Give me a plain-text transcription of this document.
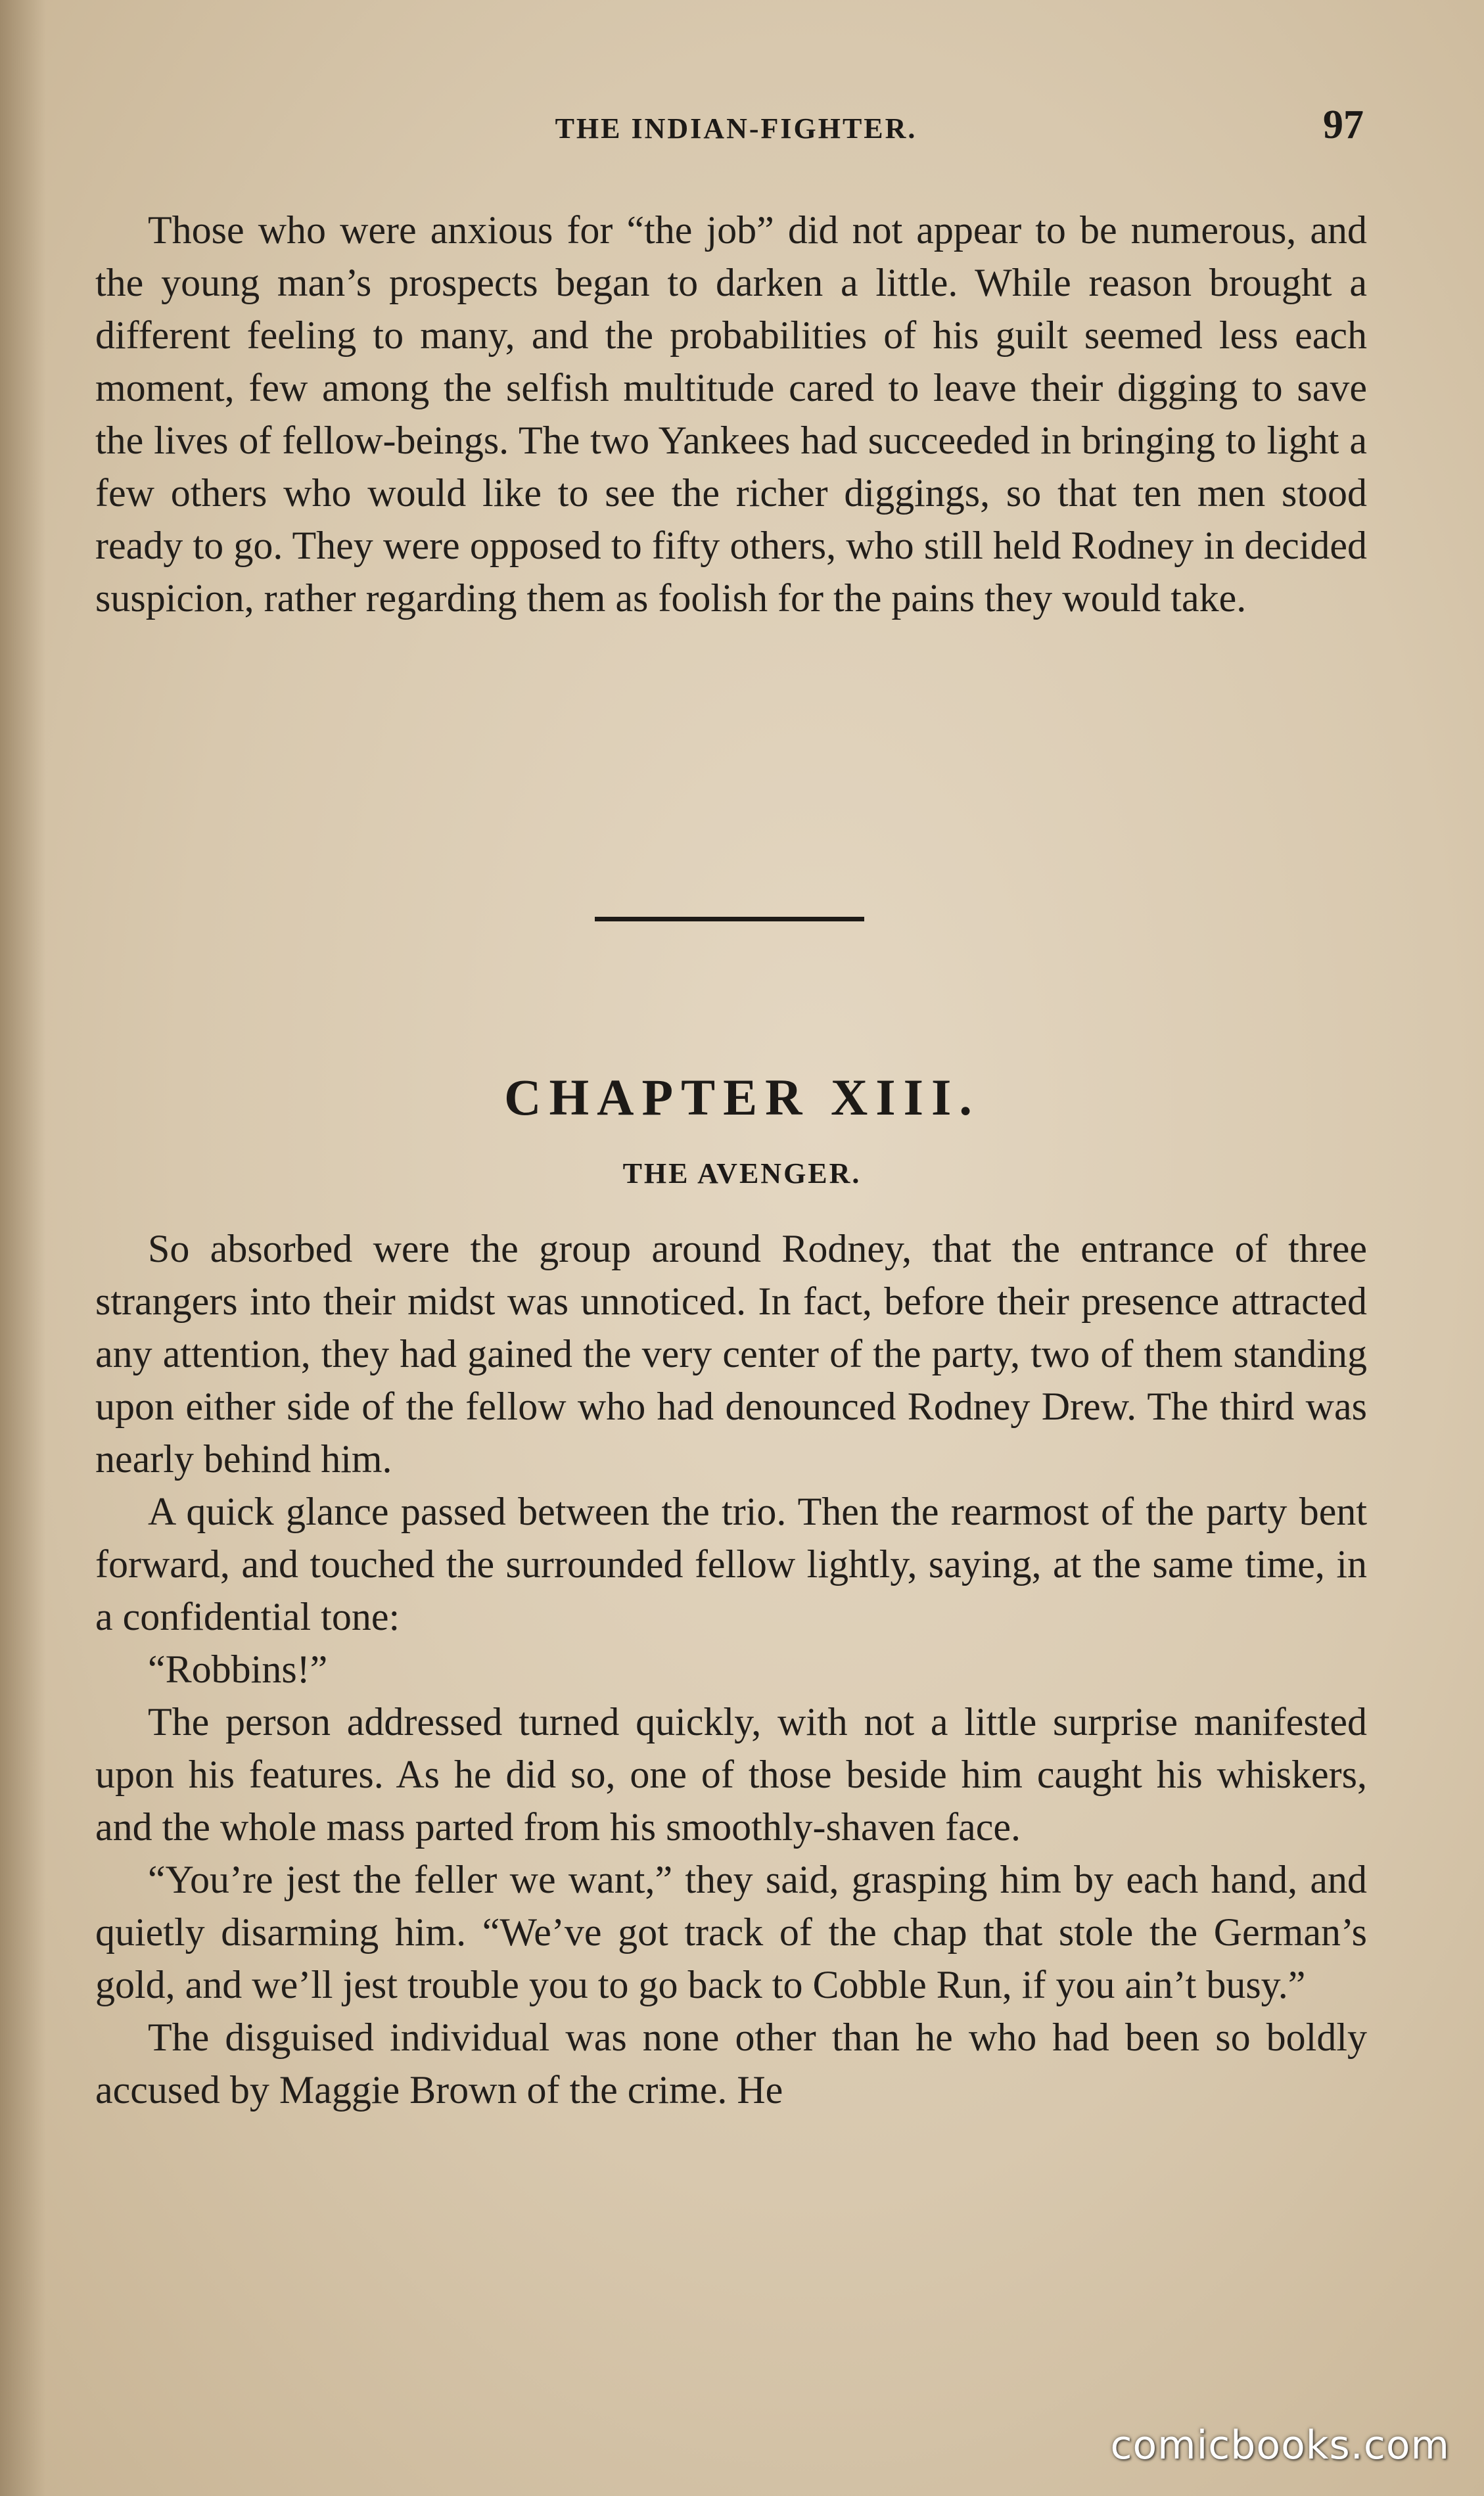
THE INDIAN-FIGHTER.	97

Those who were anxious for “the job” did not appear to be numerous, and the young man’s prospects began to darken a little. While reason brought a different feeling to many, and the probabilities of his guilt seemed less each moment, few among the selfish multitude cared to leave their digging to save the lives of fellow-beings. The two Yankees had succeeded in bringing to light a few others who would like to see the richer diggings, so that ten men stood ready to go. They were opposed to fifty others, who still held Rodney in decided suspicion, rather regarding them as foolish for the pains they would take.

CHAPTER XIII.
THE AVENGER.

So absorbed were the group around Rodney, that the entrance of three strangers into their midst was unnoticed. In fact, before their presence attracted any attention, they had gained the very center of the party, two of them standing upon either side of the fellow who had denounced Rodney Drew. The third was nearly behind him.

A quick glance passed between the trio. Then the rearmost of the party bent forward, and touched the surrounded fellow lightly, saying, at the same time, in a confidential tone:

“Robbins!”

The person addressed turned quickly, with not a little surprise manifested upon his features. As he did so, one of those beside him caught his whiskers, and the whole mass parted from his smoothly-shaven face.

“You’re jest the feller we want,” they said, grasping him by each hand, and quietly disarming him. “We’ve got track of the chap that stole the German’s gold, and we’ll jest trouble you to go back to Cobble Run, if you ain’t busy.”

The disguised individual was none other than he who had been so boldly accused by Maggie Brown of the crime. He

comicbooks.com
